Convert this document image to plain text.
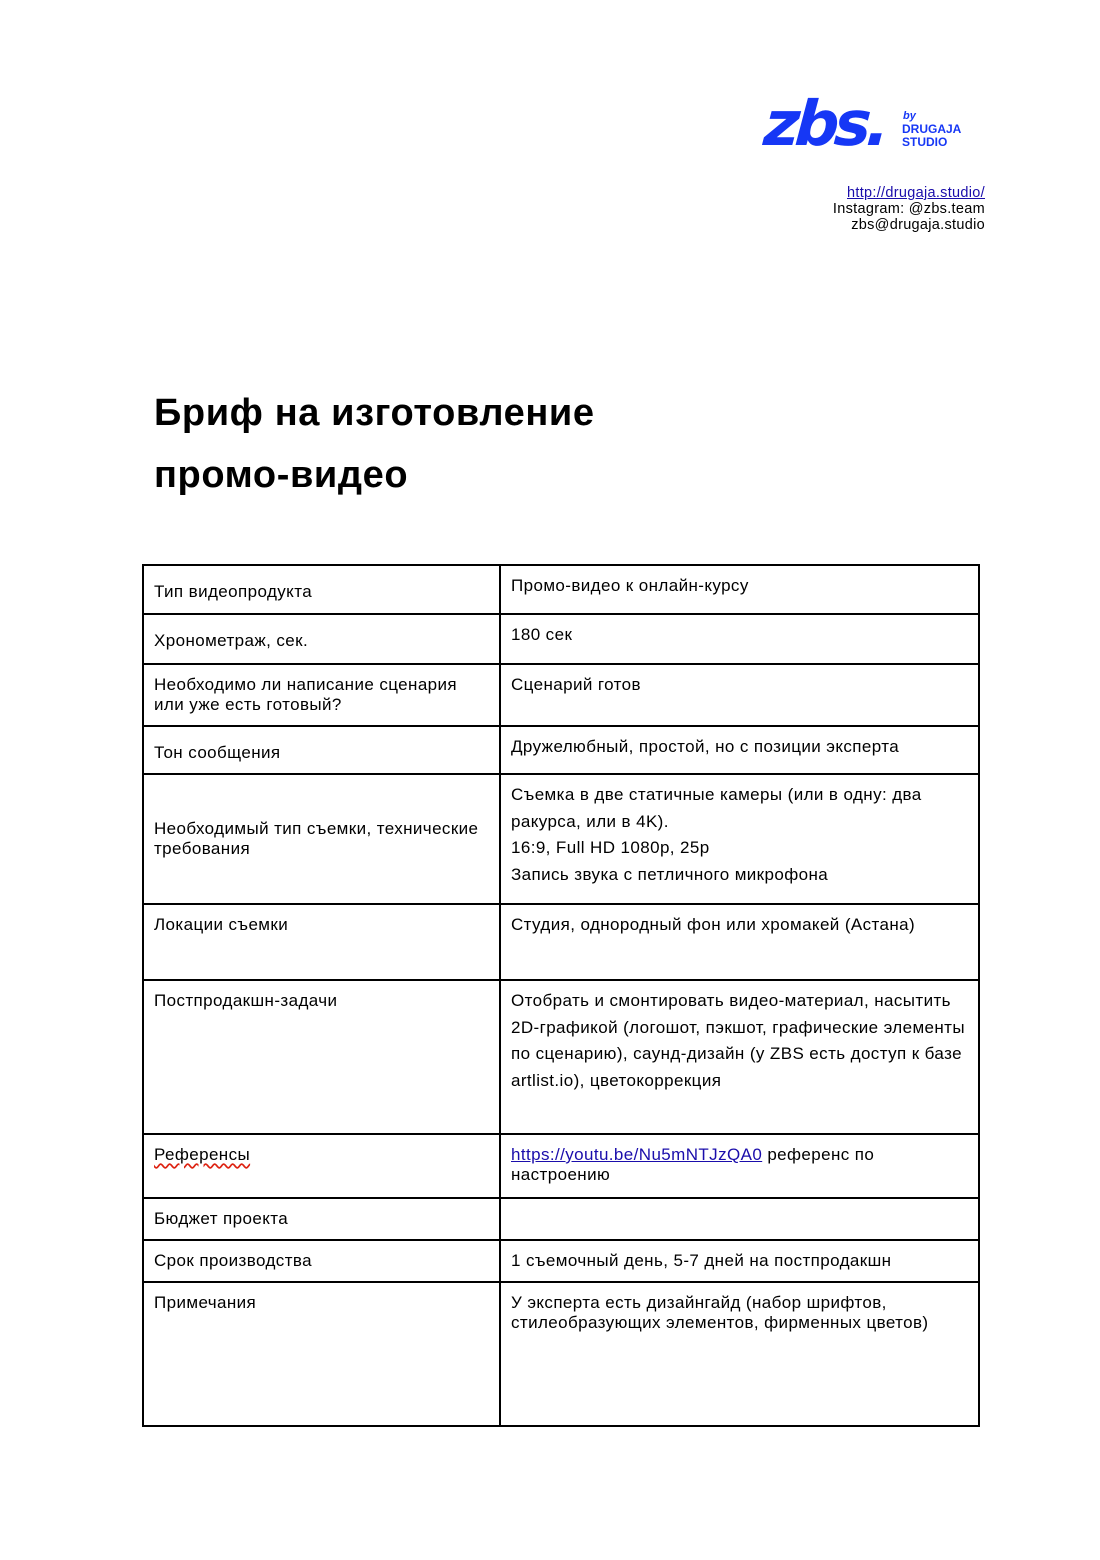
zbs. by
DRUGAJA
STUDIO
http://drugaja.studio/
Instagram: @zbs.team
zbs@drugaja.studio
Бриф на изготовление
промо-видео
Тип видеопродукта	Промо-видео к онлайн-курсу
Хронометраж, сек.	180 сек
Необходимо ли написание сценария или уже есть готовый?	Сценарий готов
Тон сообщения	Дружелюбный, простой, но с позиции эксперта
Необходимый тип съемки, технические требования	Съемка в две статичные камеры (или в одну: два ракурса, или в 4K).
16:9, Full HD 1080p, 25p
Запись звука с петличного микрофона

Локации съемки	Студия, однородный фон или хромакей (Астана)
Постпродакшн-задачи	Отобрать и смонтировать видео-материал, насытить 2D-графикой (логошот, пэкшот, графические элементы по сценарию), саунд-дизайн (у ZBS есть доступ к базе artlist.io), цветокоррекция
Референсы	https://youtu.be/Nu5mNTJzQA0 референс по настроению
Бюджет проекта	
Срок производства	1 съемочный день, 5-7 дней на постпродакшн
Примечания	У эксперта есть дизайнгайд (набор шрифтов, стилеобразующих элементов, фирменных цветов)
